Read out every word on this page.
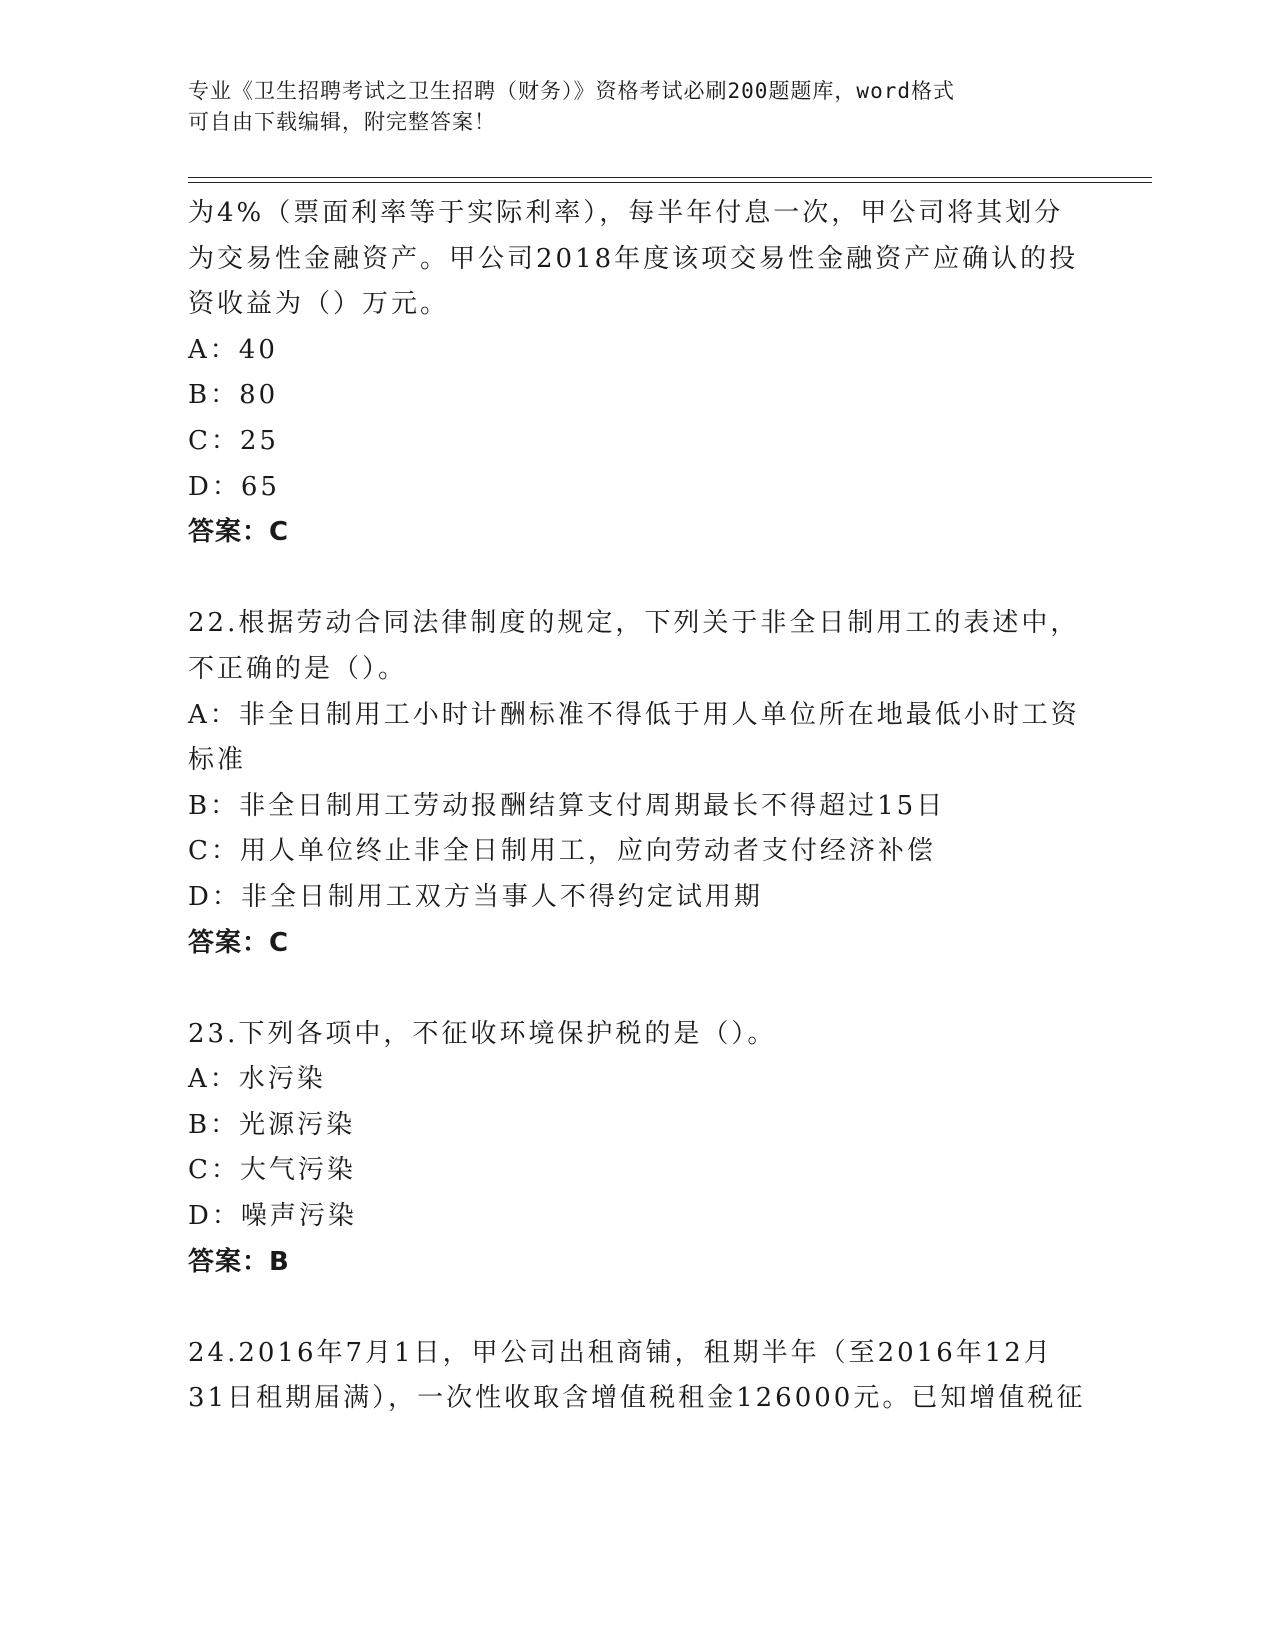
专业《卫生招聘考试之卫生招聘（财务）》资格考试必刷200题题库，word格式
可自由下载编辑，附完整答案！
为4%（票面利率等于实际利率），每半年付息一次，甲公司将其划分
为交易性金融资产。甲公司2018年度该项交易性金融资产应确认的投
资收益为（）万元。
A：40
B：80
C：25
D：65
答案：C
22.根据劳动合同法律制度的规定，下列关于非全日制用工的表述中，
不正确的是（）。
A：非全日制用工小时计酬标准不得低于用人单位所在地最低小时工资
标准
B：非全日制用工劳动报酬结算支付周期最长不得超过15日
C：用人单位终止非全日制用工，应向劳动者支付经济补偿
D：非全日制用工双方当事人不得约定试用期
答案：C
23.下列各项中，不征收环境保护税的是（）。
A：水污染
B：光源污染
C：大气污染
D：噪声污染
答案：B
24.2016年7月1日，甲公司出租商铺，租期半年（至2016年12月
31日租期届满），一次性收取含增值税租金126000元。已知增值税征
